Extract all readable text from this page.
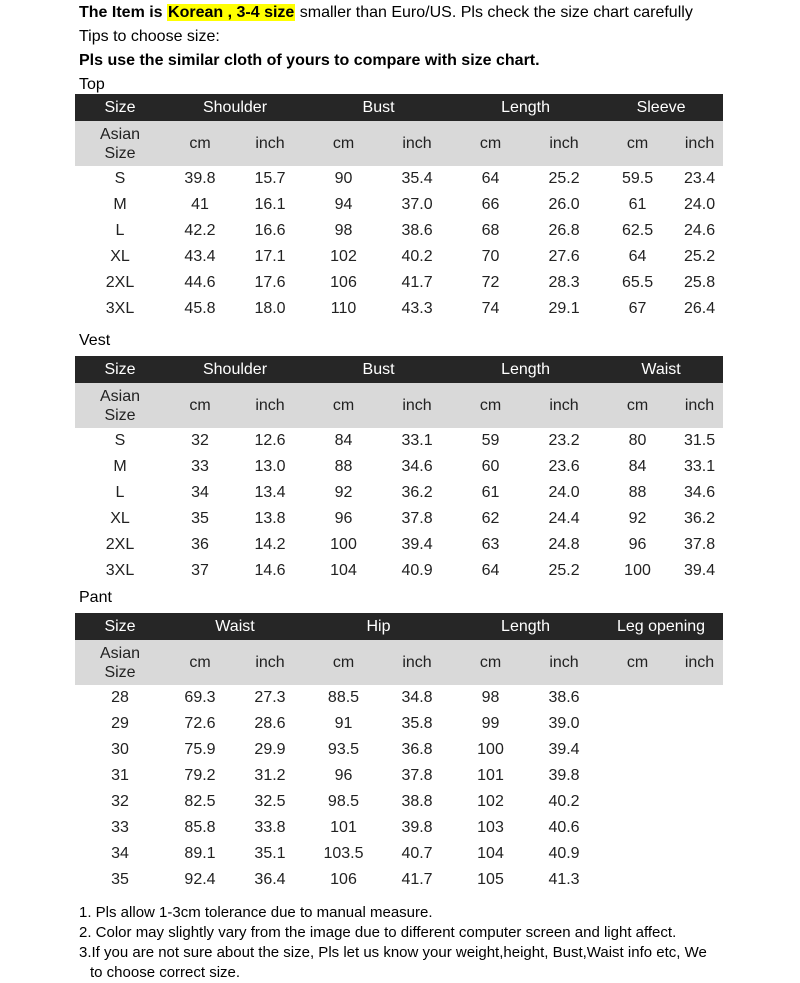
The Item is Korean , 3-4 size smaller than Euro/US. Pls check the size chart carefully
Tips to choose size:
Pls use the similar cloth of yours to compare with size chart.
Top
Size	Shoulder		Bust		Length		Sleeve	

Asian
Size	cm	inch	cm	inch	cm	inch	cm	inch
S	39.8	15.7	90	35.4	64	25.2	59.5	23.4
M	41	16.1	94	37.0	66	26.0	61	24.0
L	42.2	16.6	98	38.6	68	26.8	62.5	24.6
XL	43.4	17.1	102	40.2	70	27.6	64	25.2
2XL	44.6	17.6	106	41.7	72	28.3	65.5	25.8
3XL	45.8	18.0	110	43.3	74	29.1	67	26.4
Vest
Size	Shoulder		Bust		Length		Waist	

Asian
Size	cm	inch	cm	inch	cm	inch	cm	inch
S	32	12.6	84	33.1	59	23.2	80	31.5
M	33	13.0	88	34.6	60	23.6	84	33.1
L	34	13.4	92	36.2	61	24.0	88	34.6
XL	35	13.8	96	37.8	62	24.4	92	36.2
2XL	36	14.2	100	39.4	63	24.8	96	37.8
3XL	37	14.6	104	40.9	64	25.2	100	39.4
Pant
Size	Waist		Hip		Length		Leg opening	

Asian
Size	cm	inch	cm	inch	cm	inch	cm	inch
28	69.3	27.3	88.5	34.8	98	38.6		
29	72.6	28.6	91	35.8	99	39.0		
30	75.9	29.9	93.5	36.8	100	39.4		
31	79.2	31.2	96	37.8	101	39.8		
32	82.5	32.5	98.5	38.8	102	40.2		
33	85.8	33.8	101	39.8	103	40.6		
34	89.1	35.1	103.5	40.7	104	40.9		
35	92.4	36.4	106	41.7	105	41.3		
1. Pls allow 1-3cm tolerance due to manual measure.
2. Color may slightly vary from the image due to different computer screen and light affect.
3.If you are not sure about the size, Pls let us know your weight,height, Bust,Waist info etc, We
to choose correct size.
